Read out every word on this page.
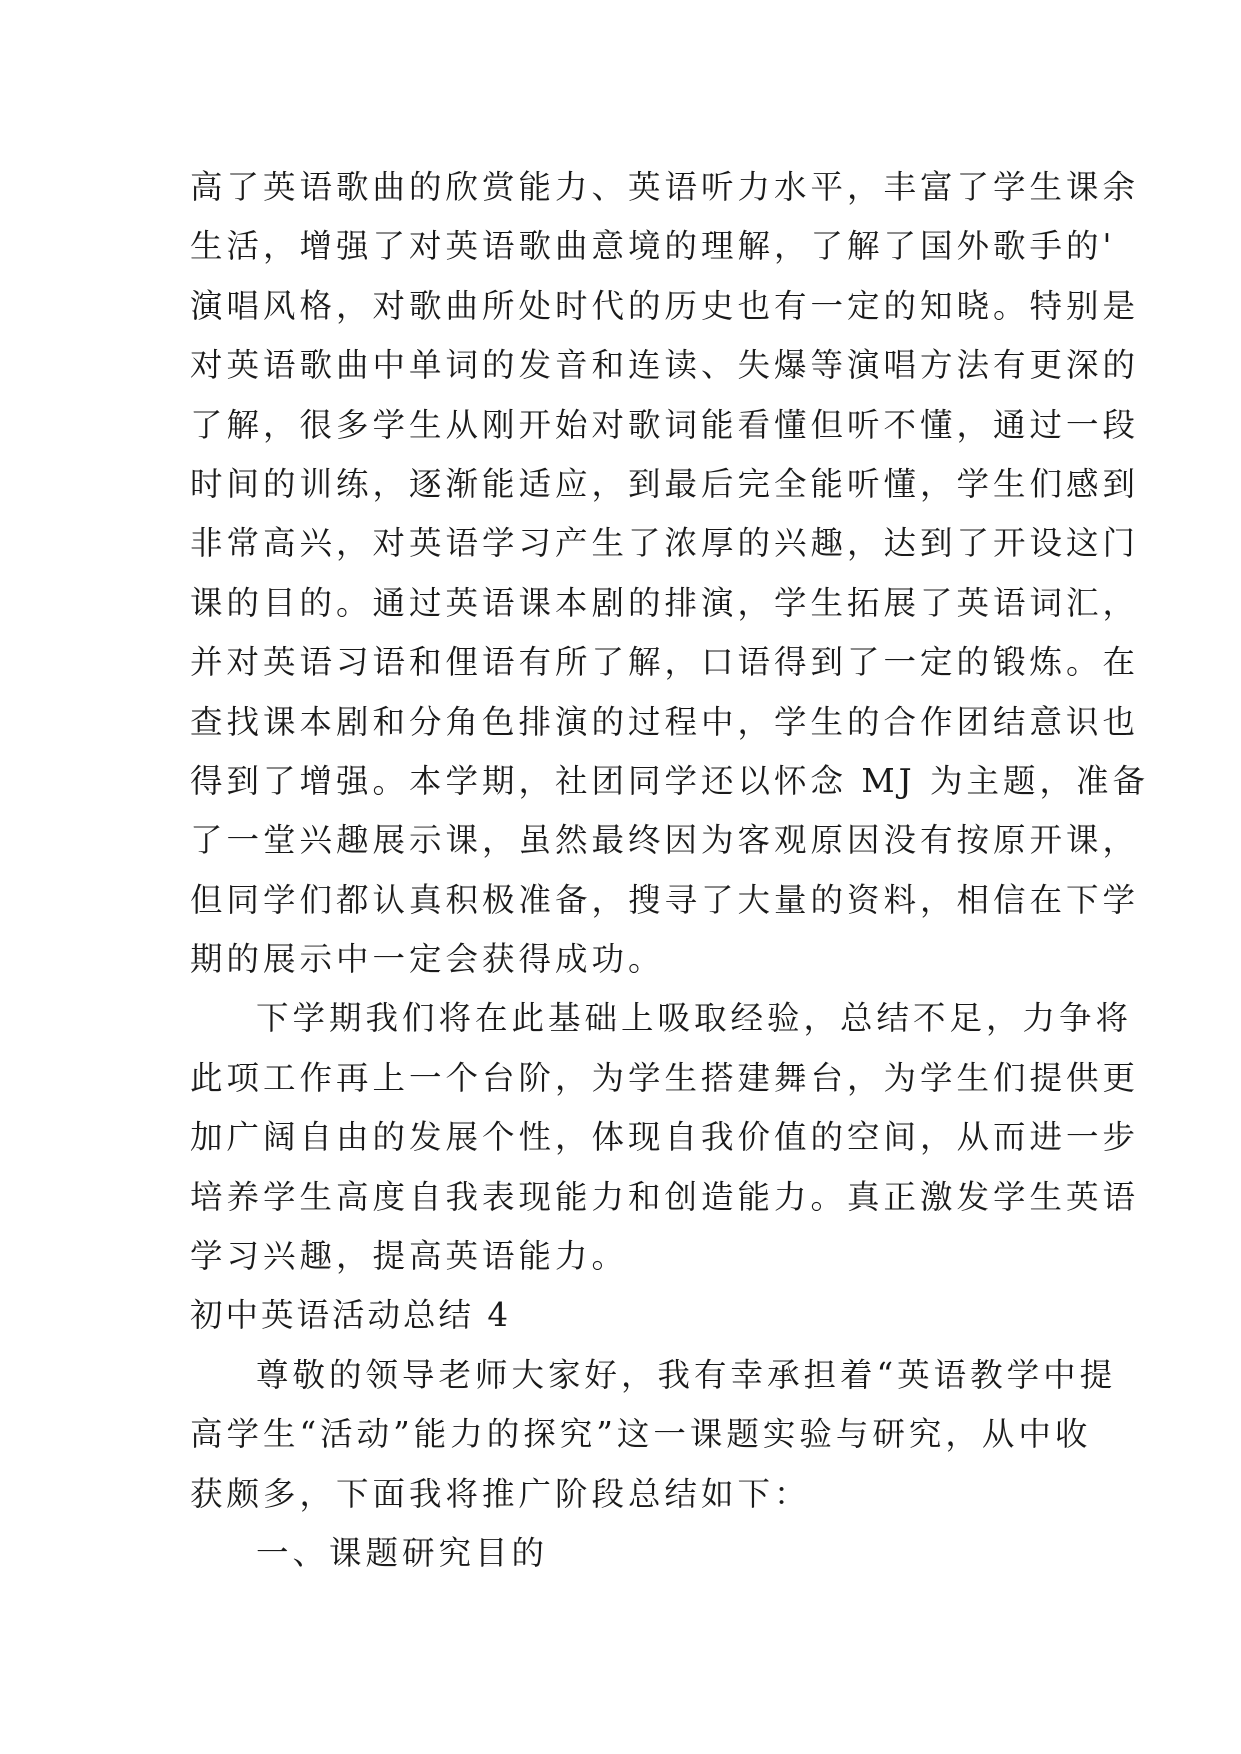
高了英语歌曲的欣赏能力、英语听力水平，丰富了学生课余
生活，增强了对英语歌曲意境的理解，了解了国外歌手的'
演唱风格，对歌曲所处时代的历史也有一定的知晓。特别是
对英语歌曲中单词的发音和连读、失爆等演唱方法有更深的
了解，很多学生从刚开始对歌词能看懂但听不懂，通过一段
时间的训练，逐渐能适应，到最后完全能听懂，学生们感到
非常高兴，对英语学习产生了浓厚的兴趣，达到了开设这门
课的目的。通过英语课本剧的排演，学生拓展了英语词汇，
并对英语习语和俚语有所了解，口语得到了一定的锻炼。在
查找课本剧和分角色排演的过程中，学生的合作团结意识也
得到了增强。本学期，社团同学还以怀念 MJ 为主题，准备
了一堂兴趣展示课，虽然最终因为客观原因没有按原开课，
但同学们都认真积极准备，搜寻了大量的资料，相信在下学
期的展示中一定会获得成功。
下学期我们将在此基础上吸取经验，总结不足，力争将
此项工作再上一个台阶，为学生搭建舞台，为学生们提供更
加广阔自由的发展个性，体现自我价值的空间，从而进一步
培养学生高度自我表现能力和创造能力。真正激发学生英语
学习兴趣，提高英语能力。
初中英语活动总结 4
尊敬的领导老师大家好，我有幸承担着“英语教学中提
高学生“活动”能力的探究”这一课题实验与研究，从中收
获颇多，下面我将推广阶段总结如下：
一、课题研究目的
